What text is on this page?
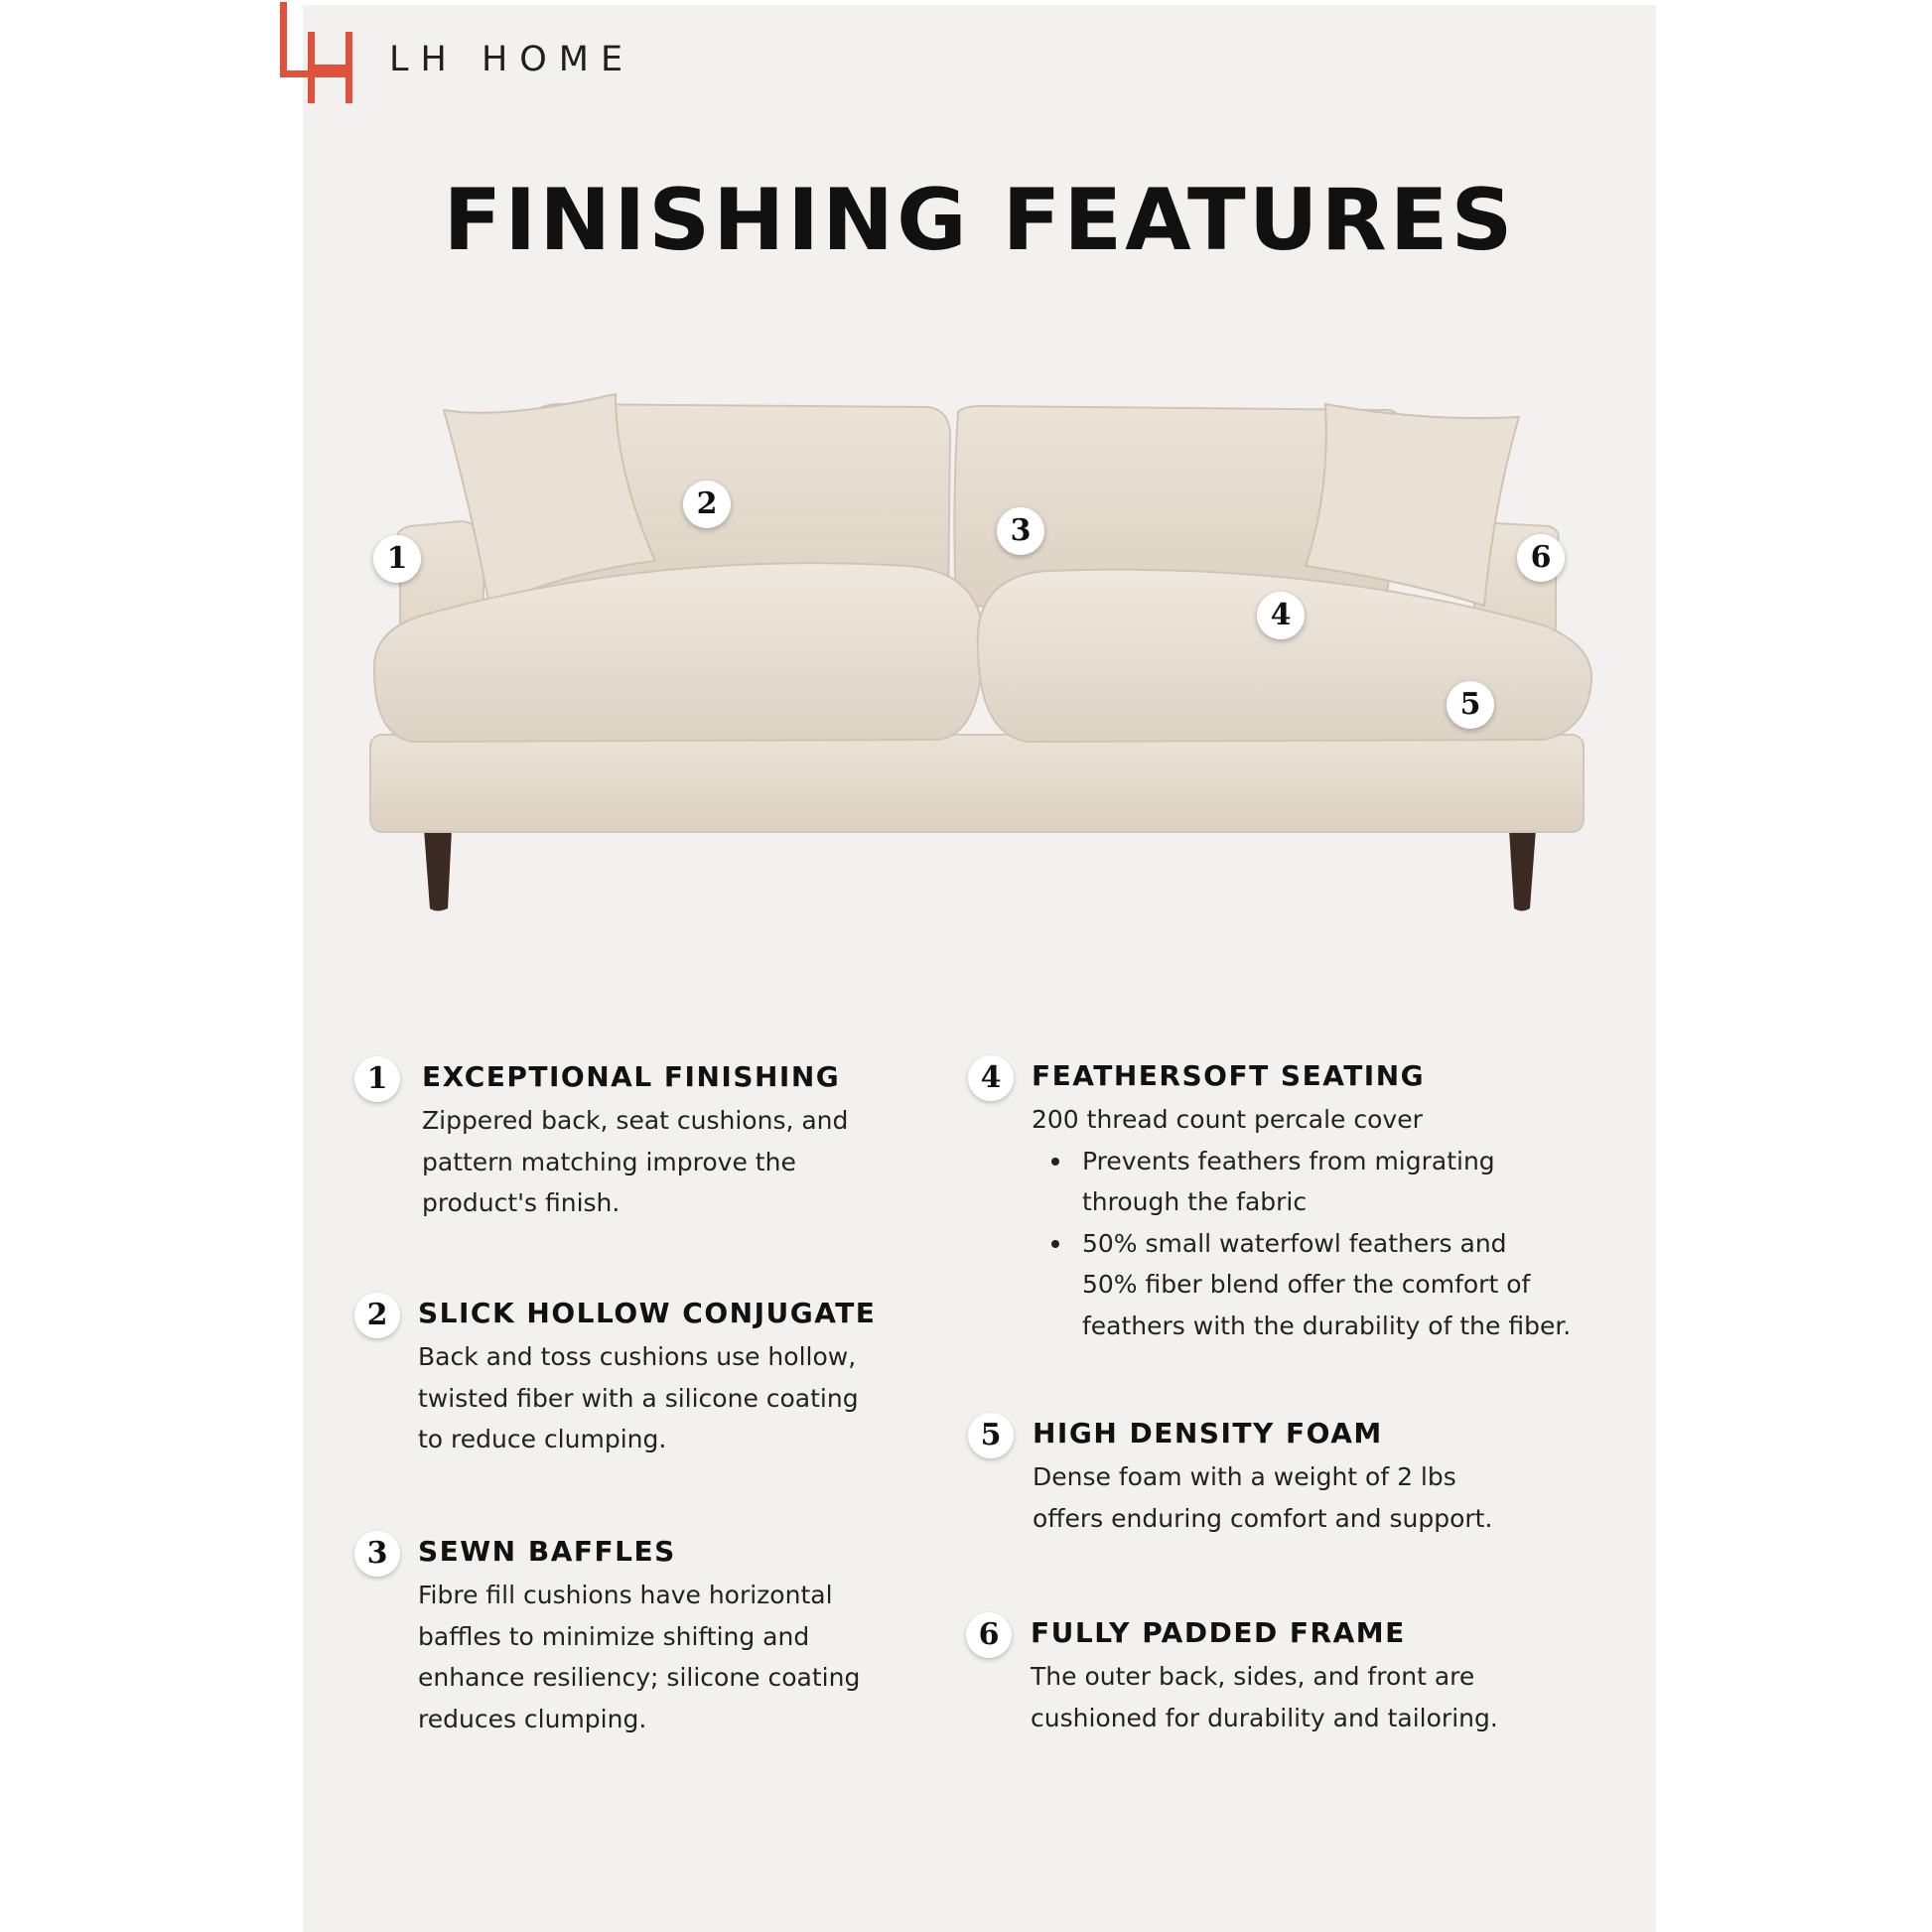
LH HOME
FINISHING FEATURES
1
2
3
4
5
6
1	EXCEPTIONAL FINISHING
Zippered back, seat cushions, and
pattern matching improve the
product's finish.
2	SLICK HOLLOW CONJUGATE
Back and toss cushions use hollow,
twisted fiber with a silicone coating
to reduce clumping.
3	SEWN BAFFLES
Fibre fill cushions have horizontal
baffles to minimize shifting and
enhance resiliency; silicone coating
reduces clumping.
4	FEATHERSOFT SEATING
200 thread count percale cover
Prevents feathers from migrating
through the fabric
50% small waterfowl feathers and
50% fiber blend offer the comfort of
feathers with the durability of the fiber.
5	HIGH DENSITY FOAM
Dense foam with a weight of 2 lbs
offers enduring comfort and support.
6	FULLY PADDED FRAME
The outer back, sides, and front are
cushioned for durability and tailoring.
